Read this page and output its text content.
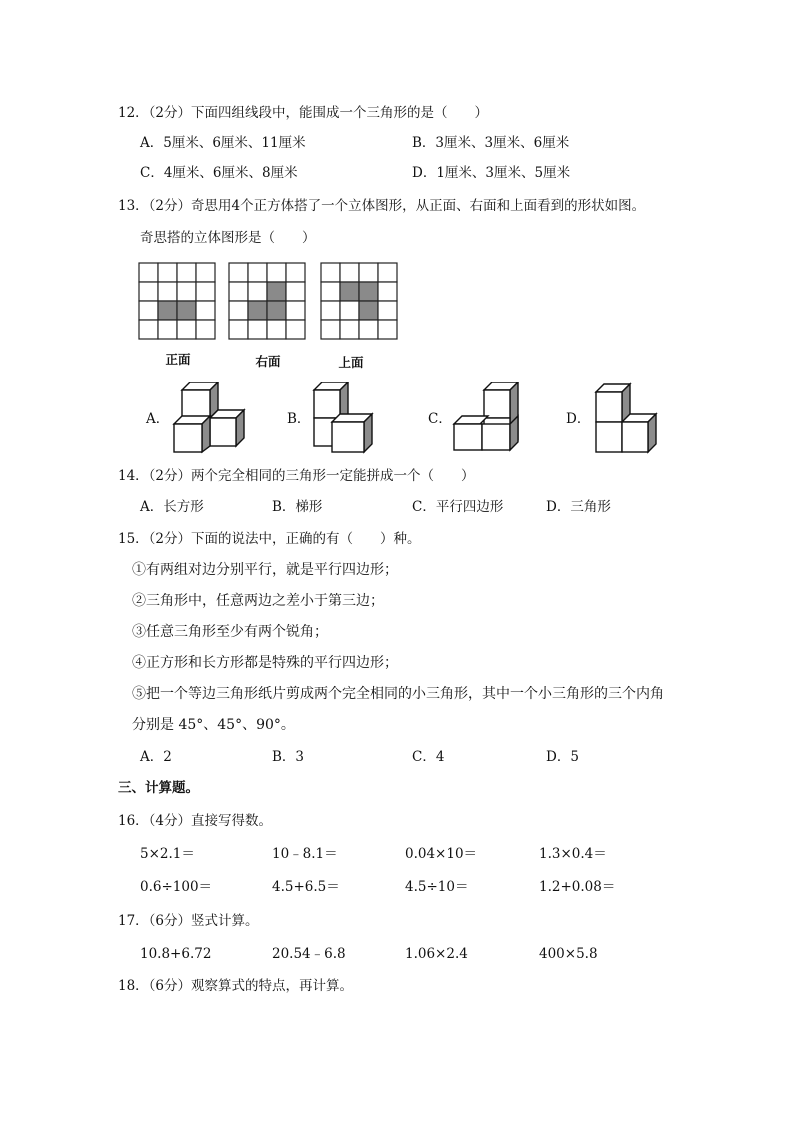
12．（2分）下面四组线段中，能围成一个三角形的是（　　）
A．5厘米、6厘米、11厘米	B．3厘米、3厘米、6厘米
C．4厘米、6厘米、8厘米	D．1厘米、3厘米、5厘米
13．（2分）奇思用4个正方体搭了一个立体图形，从正面、右面和上面看到的形状如图。
奇思搭的立体图形是（　　）
正面	右面	上面
A．	B．	C．	D．
14．（2分）两个完全相同的三角形一定能拼成一个（　　）
A．长方形	B．梯形	C．平行四边形	D．三角形
15．（2分）下面的说法中，正确的有（　　）种。
①有两组对边分别平行，就是平行四边形；
②三角形中，任意两边之差小于第三边；
③任意三角形至少有两个锐角；
④正方形和长方形都是特殊的平行四边形；
⑤把一个等边三角形纸片剪成两个完全相同的小三角形，其中一个小三角形的三个内角
分别是 45°、45°、90°。
A．2	B．3	C．4	D．5
三、计算题。
16．（4分）直接写得数。
5×2.1＝	10﹣8.1＝	0.04×10＝	1.3×0.4＝
0.6÷100＝	4.5+6.5＝	4.5÷10＝	1.2+0.08＝
17．（6分）竖式计算。
10.8+6.72	20.54﹣6.8	1.06×2.4	400×5.8
18．（6分）观察算式的特点，再计算。
